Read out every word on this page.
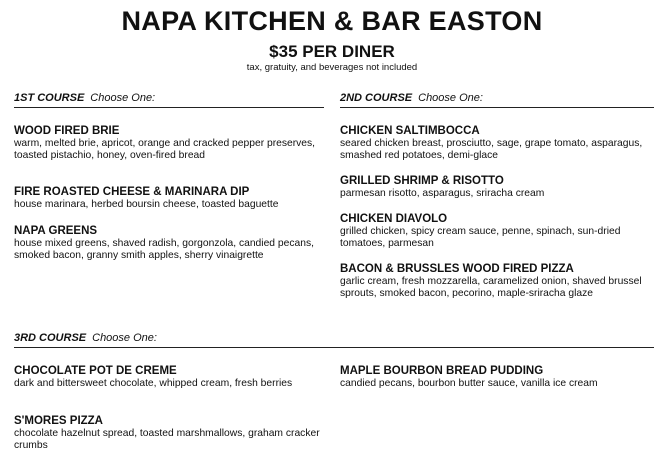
NAPA KITCHEN & BAR EASTON
$35 PER DINER
tax, gratuity, and beverages not included
1ST COURSE Choose One:
WOOD FIRED BRIE
warm, melted brie, apricot, orange and cracked pepper preserves, toasted pistachio, honey, oven-fired bread
FIRE ROASTED CHEESE & MARINARA DIP
house marinara, herbed boursin cheese, toasted baguette
NAPA GREENS
house mixed greens, shaved radish, gorgonzola, candied pecans, smoked bacon, granny smith apples, sherry vinaigrette
2ND COURSE Choose One:
CHICKEN SALTIMBOCCA
seared chicken breast, prosciutto, sage, grape tomato, asparagus, smashed red potatoes, demi-glace
GRILLED SHRIMP & RISOTTO
parmesan risotto, asparagus, sriracha cream
CHICKEN DIAVOLO
grilled chicken, spicy cream sauce, penne, spinach, sun-dried tomatoes, parmesan
BACON & BRUSSLES WOOD FIRED PIZZA
garlic cream, fresh mozzarella, caramelized onion, shaved brussel sprouts, smoked bacon, pecorino, maple-sriracha glaze
3RD COURSE Choose One:
CHOCOLATE POT DE CREME
dark and bittersweet chocolate, whipped cream, fresh berries
S'MORES PIZZA
chocolate hazelnut spread, toasted marshmallows, graham cracker crumbs
MAPLE BOURBON BREAD PUDDING
candied pecans, bourbon butter sauce, vanilla ice cream
